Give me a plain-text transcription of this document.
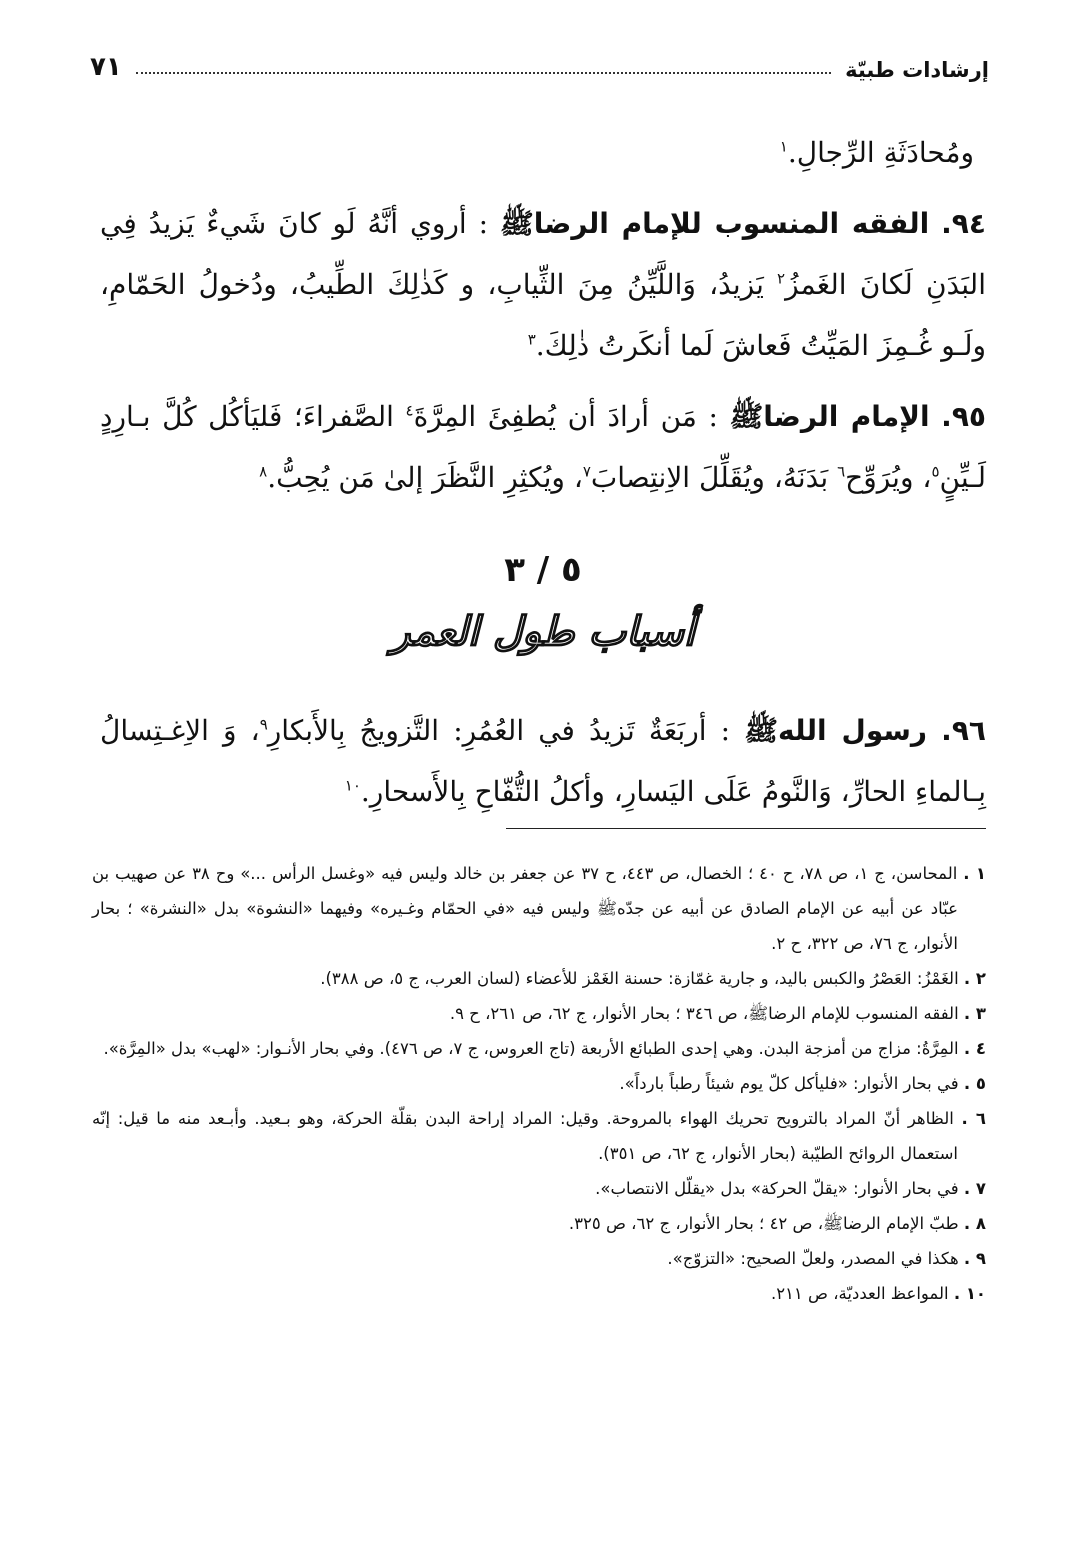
إرشادات طبيّة
٧١

ومُحادَثَةِ الرِّجالِ.$^١$

٩٤. الفقه المنسوب للإمام الرضاﷺ : أروي أنَّهُ لَو كانَ شَيءٌ يَزيدُ فِي البَدَنِ لَكانَ الغَمزُ$^٢$ يَزيدُ، وَاللَّيِّنُ مِنَ الثِّيابِ، و كَذٰلِكَ الطِّيبُ، ودُخولُ الحَمّامِ، ولَـو غُـمِزَ المَيِّتُ فَعاشَ لَما أنكَرتُ ذٰلِكَ.$^٣$

٩٥. الإمام الرضاﷺ : مَن أرادَ أن يُطفِئَ المِرَّةَ$^٤$ الصَّفراءَ؛ فَليَأكُل كُلَّ بـارِدٍ لَـيِّنٍ$^٥$، ويُرَوِّح$^٦$ بَدَنَهُ، ويُقَلِّلَ الاِنتِصابَ$^٧$، ويُكثِرِ النَّظَرَ إلىٰ مَن يُحِبُّ.$^٨$

٥ / ٣
أسباب طول العمر

٩٦. رسول اللهﷺ : أربَعَةٌ تَزيدُ في العُمُرِ: التَّزويجُ بِالأَبكارِ$^٩$، وَ الاِغـتِسالُ بِـالماءِ الحارِّ، وَالنَّومُ عَلَى اليَسارِ، وأكلُ التُّفّاحِ بِالأَسحارِ.$^{١٠}$

١ . المحاسن، ج ١، ص ٧٨، ح ٤٠ ؛ الخصال، ص ٤٤٣، ح ٣٧ عن جعفر بن خالد وليس فيه «وغسل الرأس ...» وح ٣٨ عن صهيب بن عبّاد عن أبيه عن الإمام الصادق عن أبيه عن جدّهﷺ وليس فيه «في الحمّام وغـيره» وفيهما «النشوة» بدل «النشرة» ؛ بحار الأنوار، ج ٧٦، ص ٣٢٢، ح ٢.

٢ . الغَمْزُ: العَصْرُ والكبس باليد، و جارية غمّازة: حسنة الغَمْز للأعضاء (لسان العرب، ج ٥، ص ٣٨٨).

٣ . الفقه المنسوب للإمام الرضاﷺ، ص ٣٤٦ ؛ بحار الأنوار، ج ٦٢، ص ٢٦١، ح ٩.

٤ . المِرَّةُ: مزاج من أمزجة البدن. وهي إحدى الطبائع الأربعة (تاج العروس، ج ٧، ص ٤٧٦). وفي بحار الأنـوار: «لهب» بدل «المِرَّة».

٥ . في بحار الأنوار: «فليأكل كلّ يوم شيئاً رطباً بارداً».

٦ . الظاهر أنّ المراد بالترويح تحريك الهواء بالمروحة. وقيل: المراد إراحة البدن بقلّة الحركة، وهو بـعيد. وأبـعد منه ما قيل: إنّه استعمال الروائح الطيّبة (بحار الأنوار، ج ٦٢، ص ٣٥١).

٧ . في بحار الأنوار: «يقلّ الحركة» بدل «يقلّل الانتصاب».

٨ . طبّ الإمام الرضاﷺ، ص ٤٢ ؛ بحار الأنوار، ج ٦٢، ص ٣٢٥.

٩ . هكذا في المصدر، ولعلّ الصحيح: «التزوّج».

١٠ . المواعظ العدديّة، ص ٢١١.
